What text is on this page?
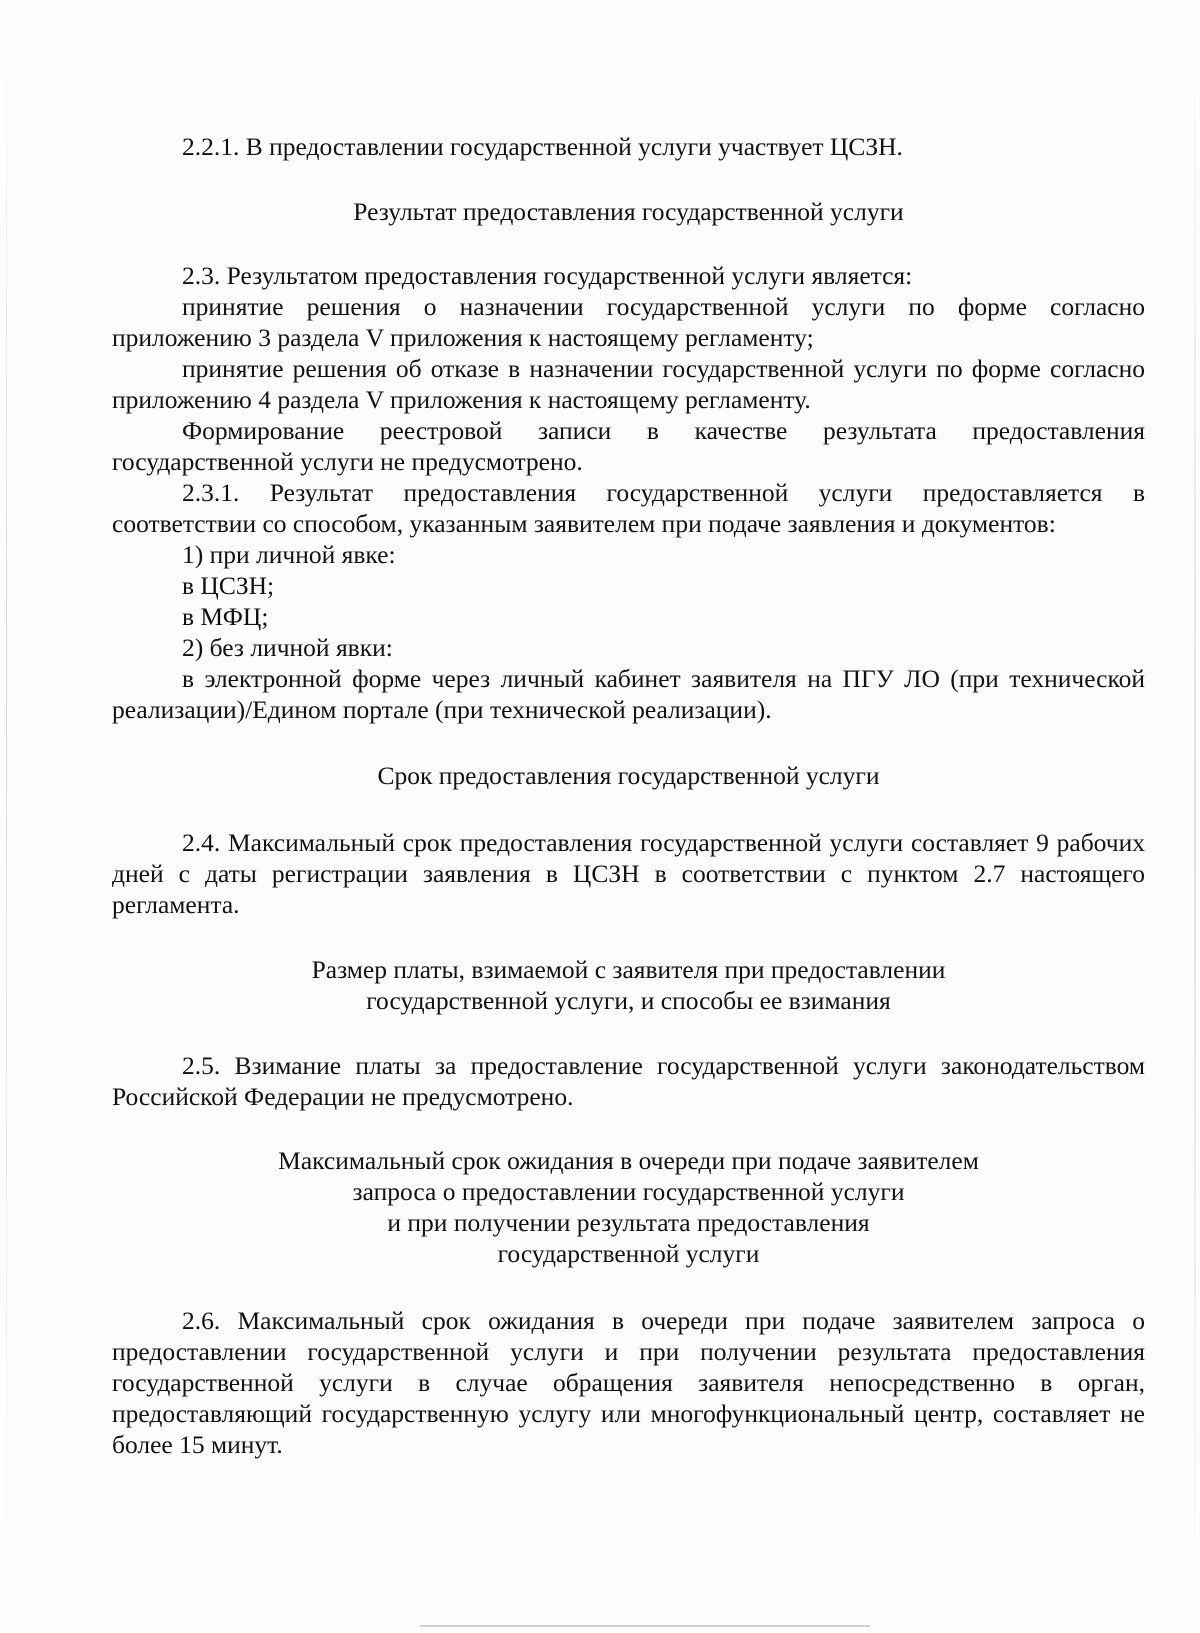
2.2.1. В предоставлении государственной услуги участвует ЦСЗН.

Результат предоставления государственной услуги

2.3. Результатом предоставления государственной услуги является:

принятие решения о назначении государственной услуги по форме согласно приложению 3 раздела V приложения к настоящему регламенту;

принятие решения об отказе в назначении государственной услуги по форме согласно приложению 4 раздела V приложения к настоящему регламенту.

Формирование реестровой записи в качестве результата предоставления государственной услуги не предусмотрено.

2.3.1. Результат предоставления государственной услуги предоставляется в соответствии со способом, указанным заявителем при подаче заявления и документов:

1) при личной явке:

в ЦСЗН;

в МФЦ;

2) без личной явки:

в электронной форме через личный кабинет заявителя на ПГУ ЛО (при технической реализации)/Едином портале (при технической реализации).

Срок предоставления государственной услуги

2.4. Максимальный срок предоставления государственной услуги составляет 9 рабочих дней с даты регистрации заявления в ЦСЗН в соответствии с пунктом 2.7 настоящего регламента.

Размер платы, взимаемой с заявителя при предоставлении
государственной услуги, и способы ее взимания

2.5. Взимание платы за предоставление государственной услуги законодательством Российской Федерации не предусмотрено.

Максимальный срок ожидания в очереди при подаче заявителем
запроса о предоставлении государственной услуги
и при получении результата предоставления
государственной услуги

2.6. Максимальный срок ожидания в очереди при подаче заявителем запроса о предоставлении государственной услуги и при получении результата предоставления государственной услуги в случае обращения заявителя непосредственно в орган, предоставляющий государственную услугу или многофункциональный центр, составляет не более 15 минут.
